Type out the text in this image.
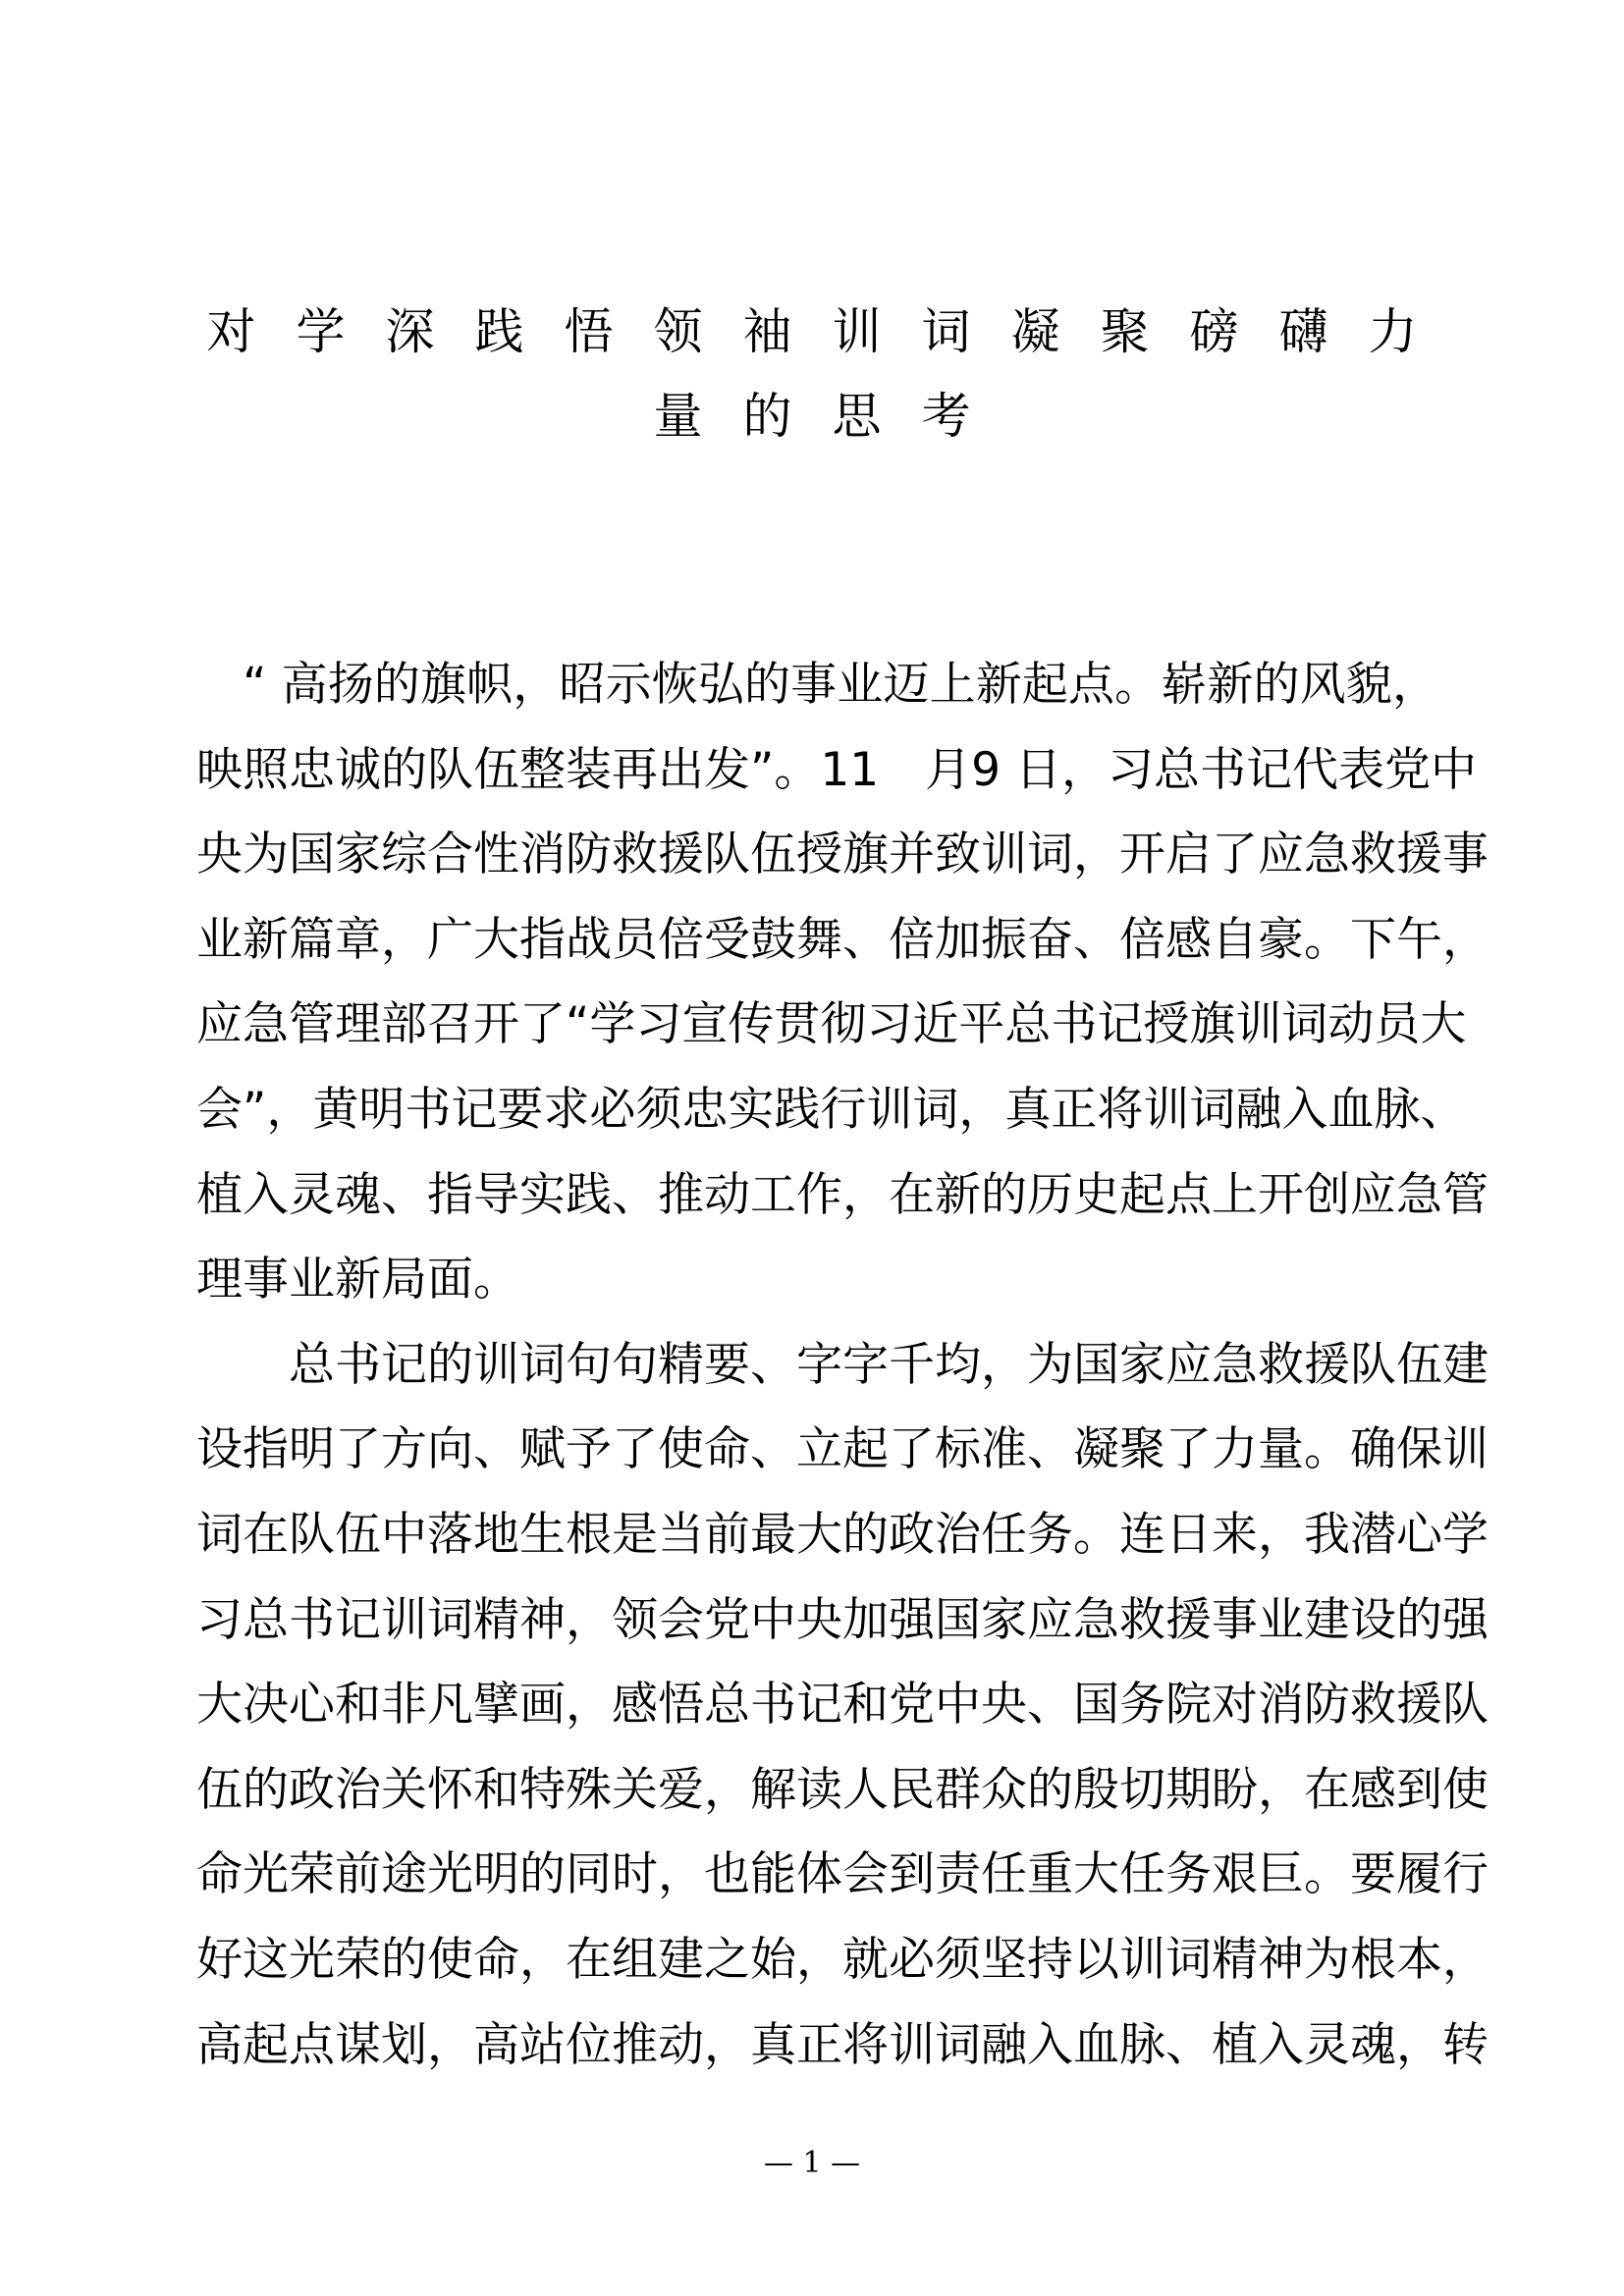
对学深践悟领袖训词凝聚磅礴力
量的思考
　“ 高扬的旗帜，昭示恢弘的事业迈上新起点。崭新的风貌，
映照忠诚的队伍整装再出发”。11　月9 日，习总书记代表党中
央为国家综合性消防救援队伍授旗并致训词，开启了应急救援事
业新篇章，广大指战员倍受鼓舞、倍加振奋、倍感自豪。下午，
应急管理部召开了“学习宣传贯彻习近平总书记授旗训词动员大
会”，黄明书记要求必须忠实践行训词，真正将训词融入血脉、
植入灵魂、指导实践、推动工作，在新的历史起点上开创应急管
理事业新局面。
　　总书记的训词句句精要、字字千均，为国家应急救援队伍建
设指明了方向、赋予了使命、立起了标准、凝聚了力量。确保训
词在队伍中落地生根是当前最大的政治任务。连日来，我潜心学
习总书记训词精神，领会党中央加强国家应急救援事业建设的强
大决心和非凡擘画，感悟总书记和党中央、国务院对消防救援队
伍的政治关怀和特殊关爱，解读人民群众的殷切期盼，在感到使
命光荣前途光明的同时，也能体会到责任重大任务艰巨。要履行
好这光荣的使命，在组建之始，就必须坚持以训词精神为根本，
高起点谋划，高站位推动，真正将训词融入血脉、植入灵魂，转
— 1 —
